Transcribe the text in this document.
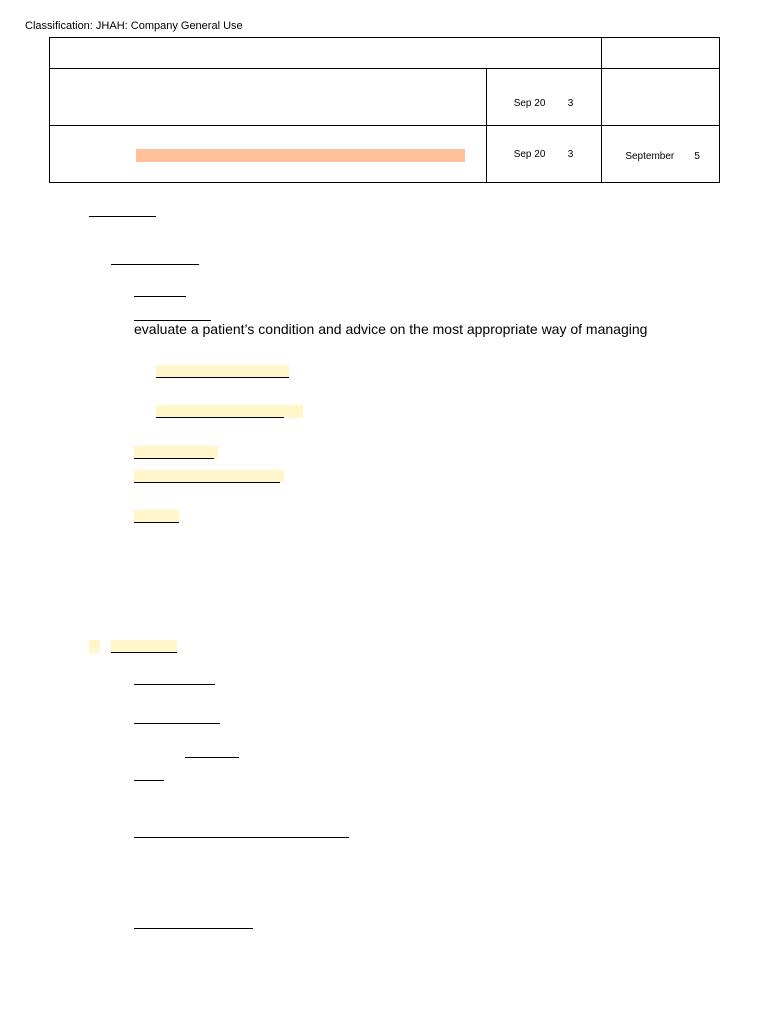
Classification: JHAH: Company General Use

	Sep 20 3	

	Sep 20 3	September 5
evaluate a patient’s condition and advice on the most appropriate way of managing
